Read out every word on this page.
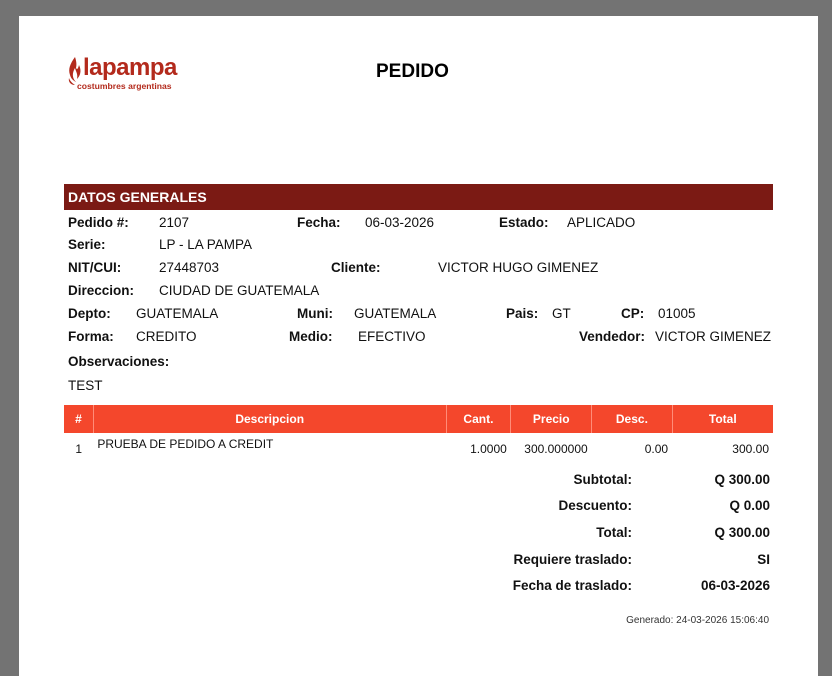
lapampa
costumbres argentinas
PEDIDO
DATOS GENERALES
Pedido #: 2107	Fecha: 06-03-2026	Estado: APLICADO
Serie:	LP - LA PAMPA
NIT/CUI:	27448703	Cliente:	VICTOR HUGO GIMENEZ
Direccion: CIUDAD DE GUATEMALA
Depto: GUATEMALA	Muni: GUATEMALA	Pais: GT	CP: 01005
Forma: CREDITO	Medio: EFECTIVO	Vendedor: VICTOR GIMENEZ
Observaciones:
TEST
#	Descripcion	Cant.	Precio	Desc.	Total
1	PRUEBA DE PEDIDO A CREDIT	1.0000	300.000000	0.00	300.00
Subtotal:	Q 300.00
Descuento:	Q 0.00
Total:	Q 300.00
Requiere traslado:	SI
Fecha de traslado:	06-03-2026
Generado: 24-03-2026 15:06:40
